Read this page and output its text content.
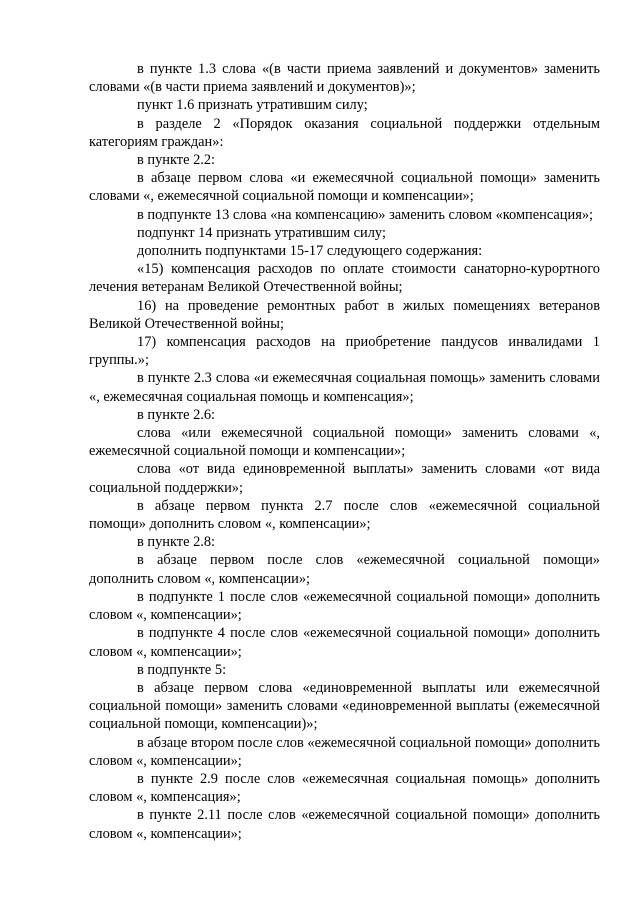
в пункте 1.3 слова «(в части приема заявлений и документов» заменить словами «(в части приема заявлений и документов)»;

пункт 1.6 признать утратившим силу;

в разделе 2 «Порядок оказания социальной поддержки отдельным категориям граждан»:

в пункте 2.2:

в абзаце первом слова «и ежемесячной социальной помощи» заменить словами «, ежемесячной социальной помощи и компенсации»;

в подпункте 13 слова «на компенсацию» заменить словом «компенсация»;

подпункт 14 признать утратившим силу;

дополнить подпунктами 15-17 следующего содержания:

«15) компенсация расходов по оплате стоимости санаторно-курортного лечения ветеранам Великой Отечественной войны;

16) на проведение ремонтных работ в жилых помещениях ветеранов Великой Отечественной войны;

17) компенсация расходов на приобретение пандусов инвалидами 1 группы.»;

в пункте 2.3 слова «и ежемесячная социальная помощь» заменить словами «, ежемесячная социальная помощь и компенсация»;

в пункте 2.6:

слова «или ежемесячной социальной помощи» заменить словами «, ежемесячной социальной помощи и компенсации»;

слова «от вида единовременной выплаты» заменить словами «от вида социальной поддержки»;

в абзаце первом пункта 2.7 после слов «ежемесячной социальной помощи» дополнить словом «, компенсации»;

в пункте 2.8:

в абзаце первом после слов «ежемесячной социальной помощи» дополнить словом «, компенсации»;

в подпункте 1 после слов «ежемесячной социальной помощи» дополнить словом «, компенсации»;

в подпункте 4 после слов «ежемесячной социальной помощи» дополнить словом «, компенсации»;

в подпункте 5:

в абзаце первом слова «единовременной выплаты или ежемесячной социальной помощи» заменить словами «единовременной выплаты (ежемесячной социальной помощи, компенсации)»;

в абзаце втором после слов «ежемесячной социальной помощи» дополнить словом «, компенсации»;

в пункте 2.9 после слов «ежемесячная социальная помощь» дополнить словом «, компенсация»;

в пункте 2.11 после слов «ежемесячной социальной помощи» дополнить словом «, компенсации»;
